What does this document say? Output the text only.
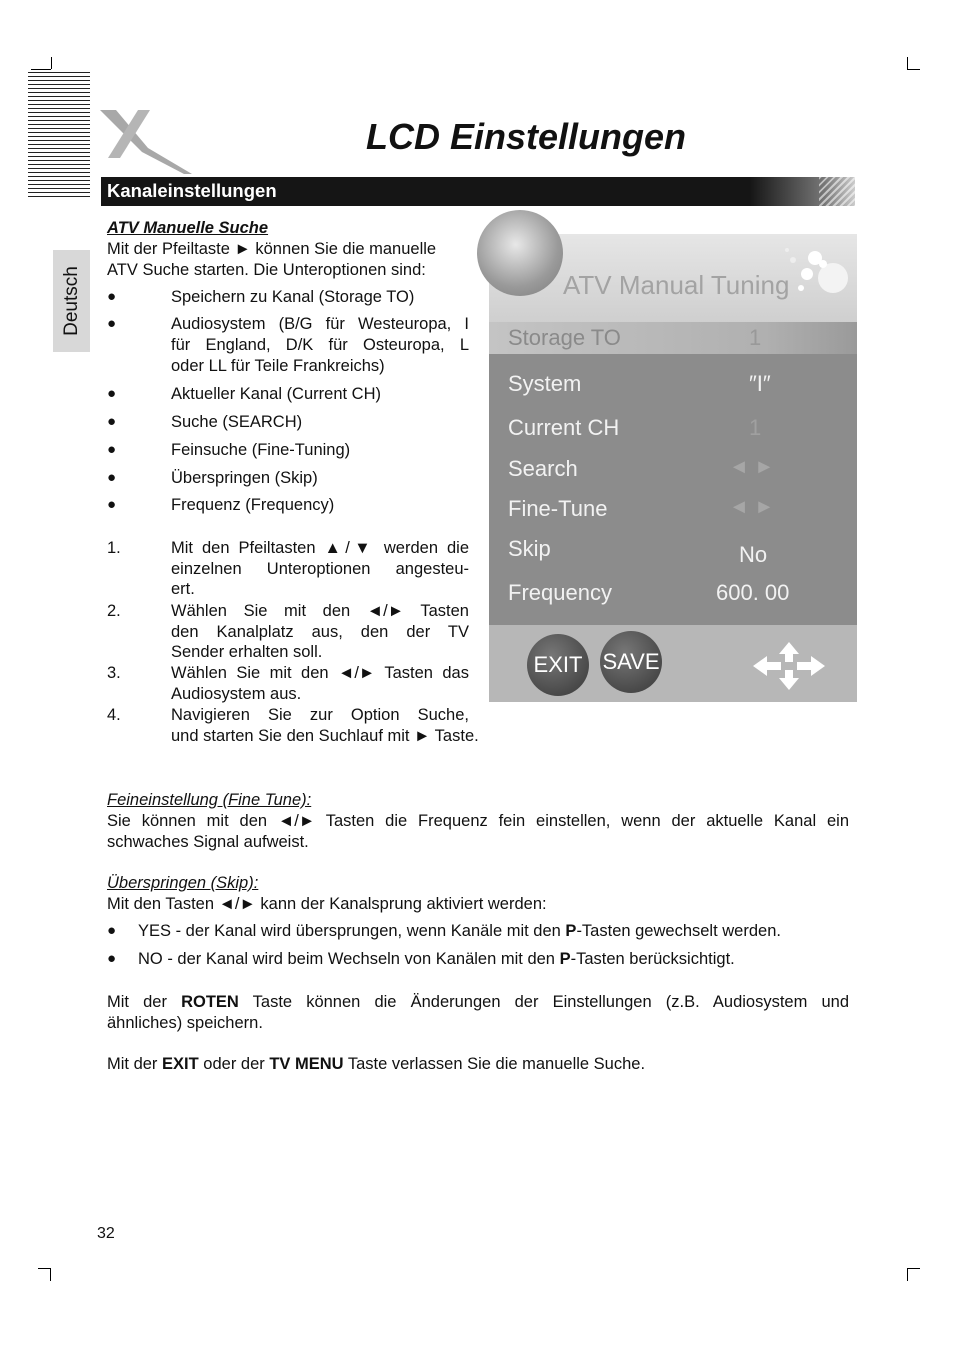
Deutsch
LCD Einstellungen
Kanaleinstellungen
ATV Manuelle Suche
Mit der Pfeiltaste ► können Sie die manuelle
ATV Suche starten. Die Unteroptionen sind:
●	Speichern zu Kanal (Storage TO)
●	Audiosystem (B/G für Westeuropa, I
für England, D/K für Osteuropa, L
oder LL für Teile Frankreichs)
●	Aktueller Kanal (Current CH)
●	Suche (SEARCH)
●	Feinsuche (Fine-Tuning)
●	Überspringen (Skip)
●	Frequenz (Frequency)
1.	Mit den Pfeiltasten ▲/▼ werden die
einzelnen Unteroptionen angesteu-
ert.
2.	Wählen Sie mit den ◄/► Tasten
den Kanalplatz aus, den der TV
Sender erhalten soll.
3.	Wählen Sie mit den ◄/► Tasten das
Audiosystem aus.
4.	Navigieren Sie zur Option Suche,
und starten Sie den Suchlauf mit ► Taste.
ATV Manual Tuning
Storage TO	1
System	″I″
Current CH	1
Search	◄ ►
Fine-Tune	◄ ►
Skip	No
Frequency	600. 00
EXIT SAVE
Feineinstellung (Fine Tune):
Sie können mit den ◄/► Tasten die Frequenz fein einstellen, wenn der aktuelle Kanal ein
schwaches Signal aufweist.
Überspringen (Skip):
Mit den Tasten ◄/► kann der Kanalsprung aktiviert werden:
● YES - der Kanal wird übersprungen, wenn Kanäle mit den P-Tasten gewechselt werden.
● NO - der Kanal wird beim Wechseln von Kanälen mit den P-Tasten berücksichtigt.
Mit der ROTEN Taste können die Änderungen der Einstellungen (z.B. Audiosystem und
ähnliches) speichern.
Mit der EXIT oder der TV MENU Taste verlassen Sie die manuelle Suche.
32
